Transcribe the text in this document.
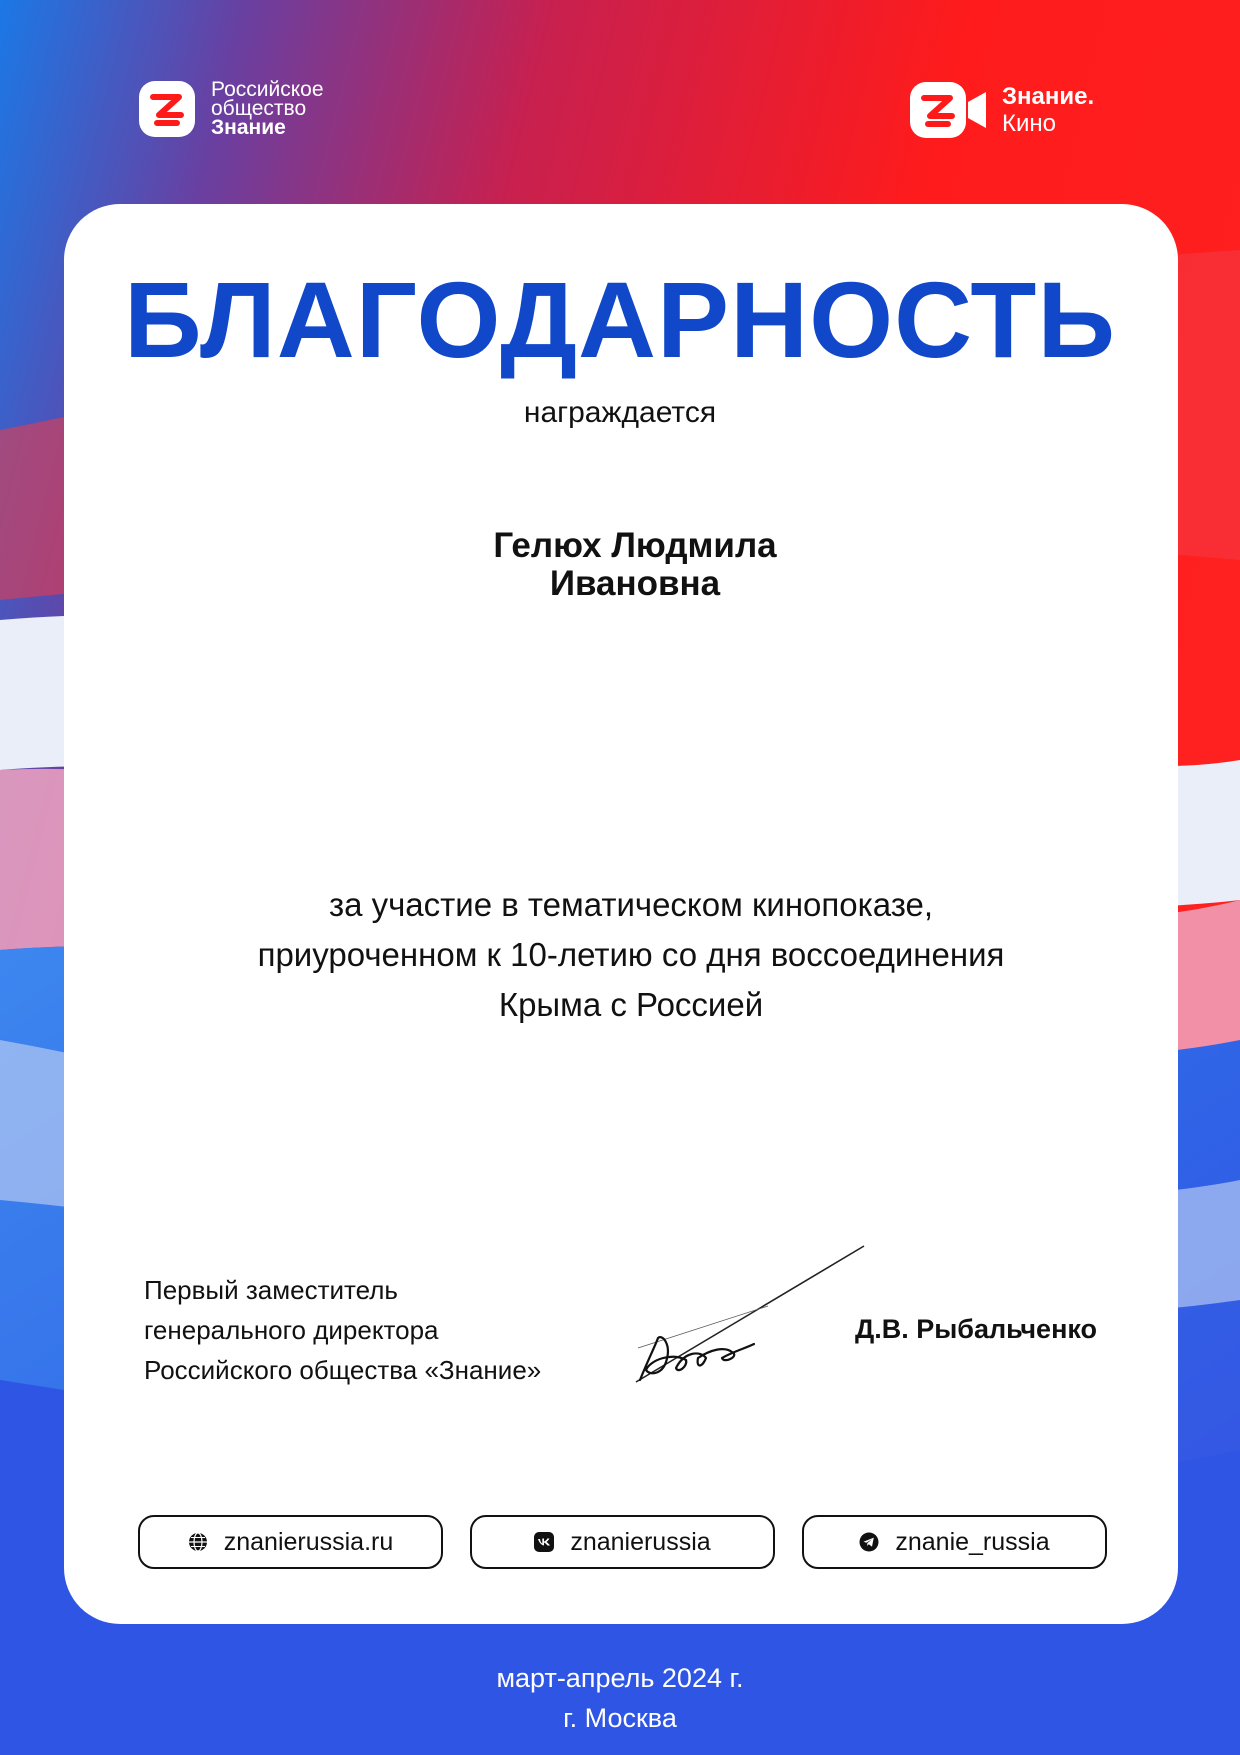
Российское
общество
Знание
Знание.
Кино
БЛАГОДАРНОСТЬ
награждается
Гелюх Людмила
Ивановна
за участие в тематическом кинопоказе,
приуроченном к 10-летию со дня воссоединения
Крыма с Россией
Первый заместитель
генерального директора
Российского общества «Знание»
Д.В. Рыбальченко
znanierussia.ru	znanierussia	znanie_russia
март-апрель 2024 г.
г. Москва
